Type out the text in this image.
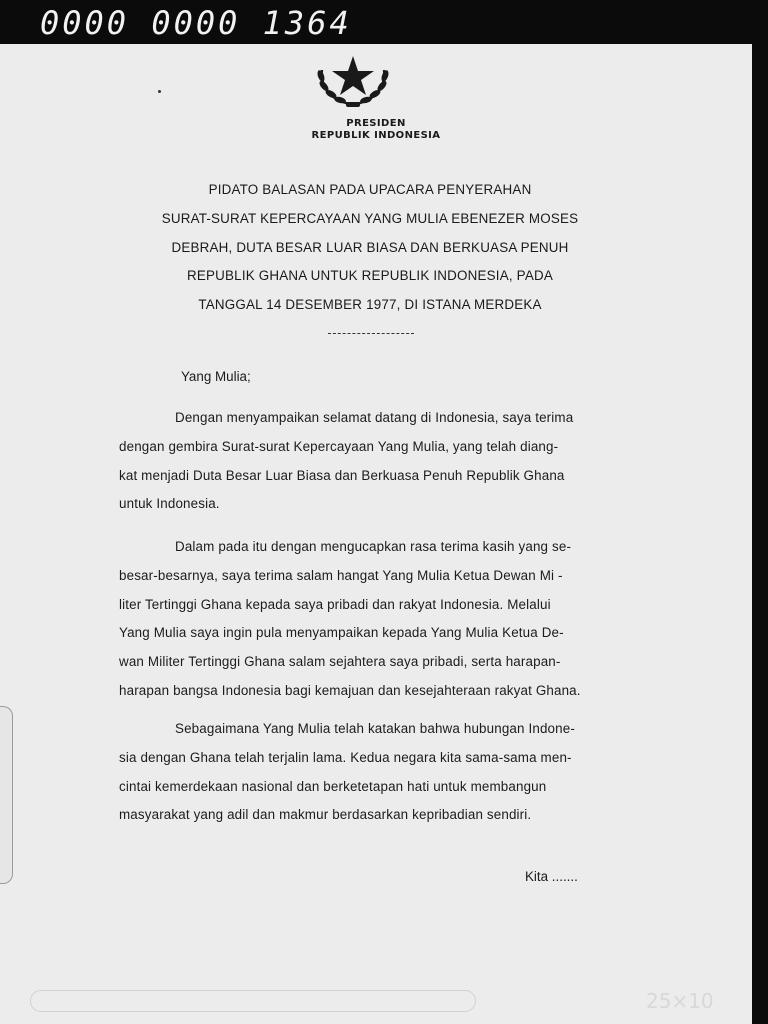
0000 0000 1364
PRESIDEN
REPUBLIK INDONESIA
PIDATO BALASAN PADA UPACARA PENYERAHAN
SURAT-SURAT KEPERCAYAAN YANG MULIA EBENEZER MOSES
DEBRAH, DUTA BESAR LUAR BIASA DAN BERKUASA PENUH
REPUBLIK GHANA UNTUK REPUBLIK INDONESIA, PADA
TANGGAL 14 DESEMBER 1977, DI ISTANA MERDEKA
Yang Mulia;
Dengan menyampaikan selamat datang di Indonesia, saya terima
dengan gembira Surat-surat Kepercayaan Yang Mulia, yang telah diang-
kat menjadi Duta Besar Luar Biasa dan Berkuasa Penuh Republik Ghana
untuk Indonesia.
Dalam pada itu dengan mengucapkan rasa terima kasih yang se-
besar-besarnya, saya terima salam hangat Yang Mulia Ketua Dewan Mi -
liter Tertinggi Ghana kepada saya pribadi dan rakyat Indonesia. Melalui
Yang Mulia saya ingin pula menyampaikan kepada Yang Mulia Ketua De-
wan Militer Tertinggi Ghana salam sejahtera saya pribadi, serta harapan-
harapan bangsa Indonesia bagi kemajuan dan kesejahteraan rakyat Ghana.
Sebagaimana Yang Mulia telah katakan bahwa hubungan Indone-
sia dengan Ghana telah terjalin lama. Kedua negara kita sama-sama men-
cintai kemerdekaan nasional dan berketetapan hati untuk membangun
masyarakat yang adil dan makmur berdasarkan kepribadian sendiri.
Kita .......
25×10
